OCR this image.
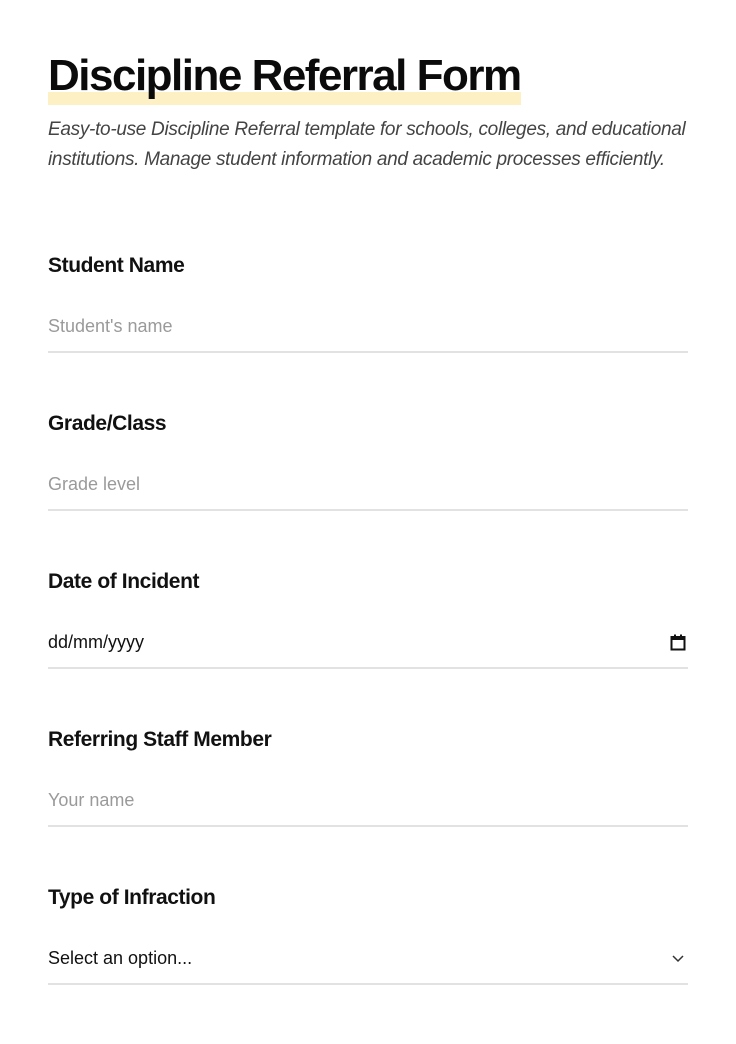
Discipline Referral Form

Easy-to-use Discipline Referral template for schools, colleges, and educational institutions. Manage student information and academic processes efficiently.

Student Name
Student's name
Grade/Class
Grade level
Date of Incident
dd/mm/yyyy
Referring Staff Member
Your name
Type of Infraction
Select an option...
